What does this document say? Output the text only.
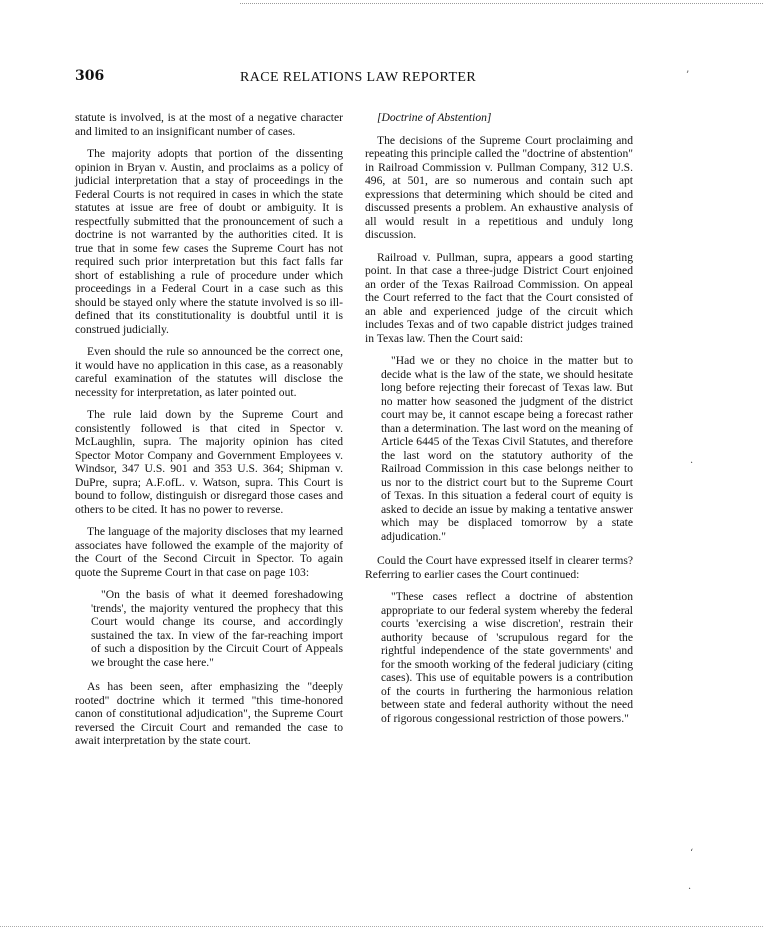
306	RACE RELATIONS LAW REPORTER

statute is involved, is at the most of a negative character and limited to an insignificant number of cases.

The majority adopts that portion of the dissenting opinion in Bryan v. Austin, and proclaims as a policy of judicial interpretation that a stay of proceedings in the Federal Courts is not required in cases in which the state statutes at issue are free of doubt or ambiguity. It is respectfully submitted that the pronouncement of such a doctrine is not warranted by the authorities cited. It is true that in some few cases the Supreme Court has not required such prior interpretation but this fact falls far short of establishing a rule of procedure under which proceedings in a Federal Court in a case such as this should be stayed only where the statute involved is so ill-defined that its constitutionality is doubtful until it is construed judicially.

Even should the rule so announced be the correct one, it would have no application in this case, as a reasonably careful examination of the statutes will disclose the necessity for interpretation, as later pointed out.

The rule laid down by the Supreme Court and consistently followed is that cited in Spector v. McLaughlin, supra. The majority opinion has cited Spector Motor Company and Government Employees v. Windsor, 347 U.S. 901 and 353 U.S. 364; Shipman v. DuPre, supra; A.F.ofL. v. Watson, supra. This Court is bound to follow, distinguish or disregard those cases and others to be cited. It has no power to reverse.

The language of the majority discloses that my learned associates have followed the example of the majority of the Court of the Second Circuit in Spector. To again quote the Supreme Court in that case on page 103:

"On the basis of what it deemed foreshadowing 'trends', the majority ventured the prophecy that this Court would change its course, and accordingly sustained the tax. In view of the far-reaching import of such a disposition by the Circuit Court of Appeals we brought the case here."

As has been seen, after emphasizing the "deeply rooted" doctrine which it termed "this time-honored canon of constitutional adjudication", the Supreme Court reversed the Circuit Court and remanded the case to await interpretation by the state court.

[Doctrine of Abstention]

The decisions of the Supreme Court proclaiming and repeating this principle called the "doctrine of abstention" in Railroad Commission v. Pullman Company, 312 U.S. 496, at 501, are so numerous and contain such apt expressions that determining which should be cited and discussed presents a problem. An exhaustive analysis of all would result in a repetitious and unduly long discussion.

Railroad v. Pullman, supra, appears a good starting point. In that case a three-judge District Court enjoined an order of the Texas Railroad Commission. On appeal the Court referred to the fact that the Court consisted of an able and experienced judge of the circuit which includes Texas and of two capable district judges trained in Texas law. Then the Court said:

"Had we or they no choice in the matter but to decide what is the law of the state, we should hesitate long before rejecting their forecast of Texas law. But no matter how seasoned the judgment of the district court may be, it cannot escape being a forecast rather than a determination. The last word on the meaning of Article 6445 of the Texas Civil Statutes, and therefore the last word on the statutory authority of the Railroad Commission in this case belongs neither to us nor to the district court but to the Supreme Court of Texas. In this situation a federal court of equity is asked to decide an issue by making a tentative answer which may be displaced tomorrow by a state adjudication."

Could the Court have expressed itself in clearer terms? Referring to earlier cases the Court continued:

"These cases reflect a doctrine of abstention appropriate to our federal system whereby the federal courts 'exercising a wise discretion', restrain their authority because of 'scrupulous regard for the rightful independence of the state governments' and for the smooth working of the federal judiciary (citing cases). This use of equitable powers is a contribution of the courts in furthering the harmonious relation between state and federal authority without the need of rigorous congessional restriction of those powers."

’
·
‘
·
